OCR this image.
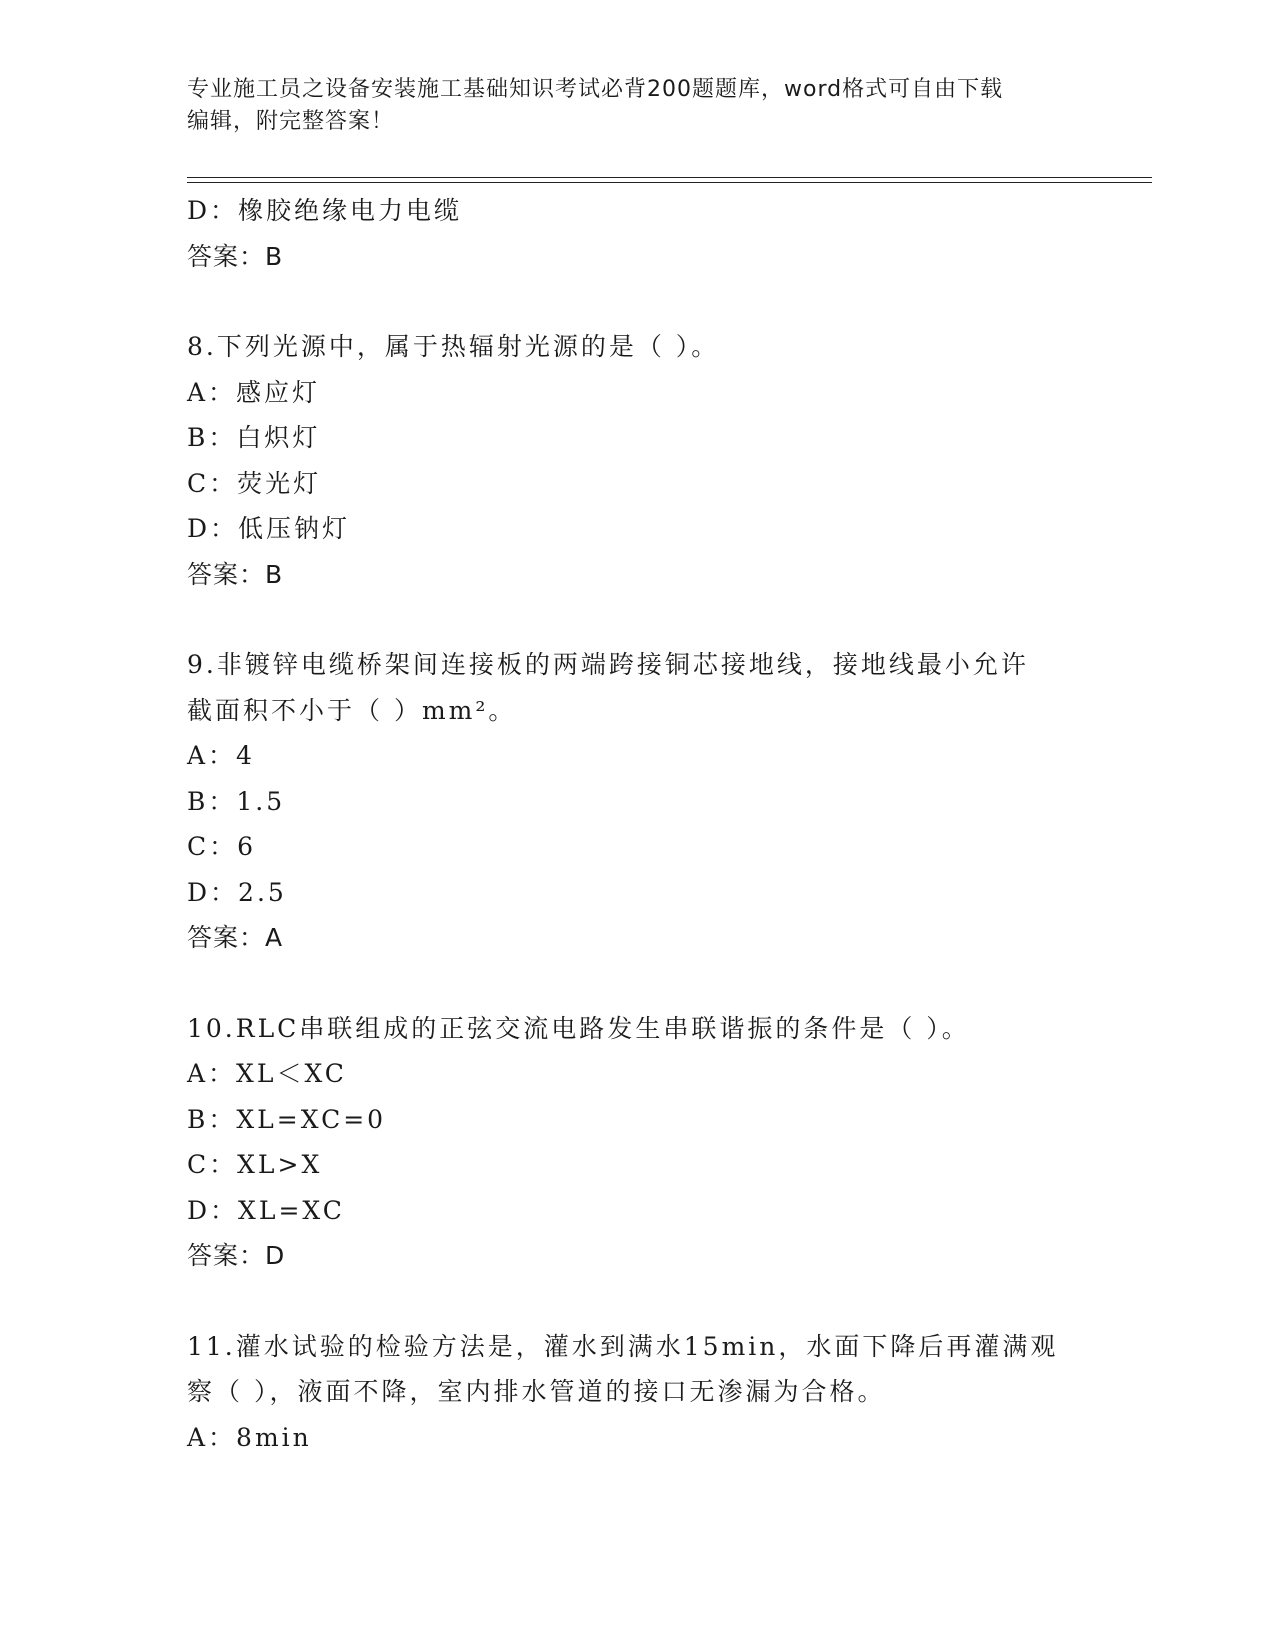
专业施工员之设备安装施工基础知识考试必背200题题库，word格式可自由下载
编辑，附完整答案！
D：橡胶绝缘电力电缆
答案：B
8.下列光源中，属于热辐射光源的是（ ）。
A：感应灯
B：白炽灯
C：荧光灯
D：低压钠灯
答案：B
9.非镀锌电缆桥架间连接板的两端跨接铜芯接地线，接地线最小允许
截面积不小于（ ）mm²。
A：4
B：1.5
C：6
D：2.5
答案：A
10.RLC串联组成的正弦交流电路发生串联谐振的条件是（ ）。
A：XL＜XC
B：XL=XC=0
C：XL>X
D：XL=XC
答案：D
11.灌水试验的检验方法是，灌水到满水15min，水面下降后再灌满观
察（ ），液面不降，室内排水管道的接口无渗漏为合格。
A：8min
